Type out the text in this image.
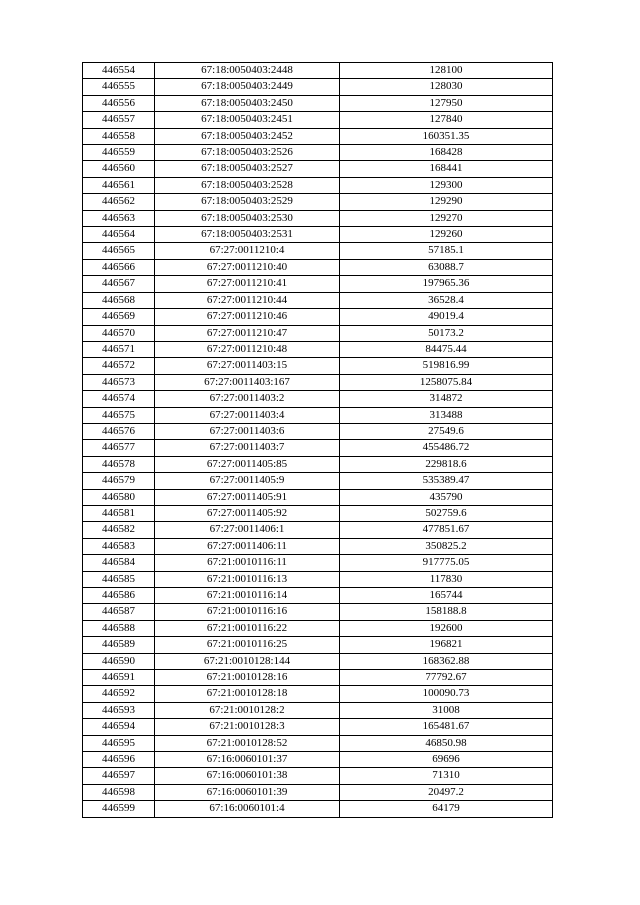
446554	67:18:0050403:2448	128100
446555	67:18:0050403:2449	128030
446556	67:18:0050403:2450	127950
446557	67:18:0050403:2451	127840
446558	67:18:0050403:2452	160351.35
446559	67:18:0050403:2526	168428
446560	67:18:0050403:2527	168441
446561	67:18:0050403:2528	129300
446562	67:18:0050403:2529	129290
446563	67:18:0050403:2530	129270
446564	67:18:0050403:2531	129260
446565	67:27:0011210:4	57185.1
446566	67:27:0011210:40	63088.7
446567	67:27:0011210:41	197965.36
446568	67:27:0011210:44	36528.4
446569	67:27:0011210:46	49019.4
446570	67:27:0011210:47	50173.2
446571	67:27:0011210:48	84475.44
446572	67:27:0011403:15	519816.99
446573	67:27:0011403:167	1258075.84
446574	67:27:0011403:2	314872
446575	67:27:0011403:4	313488
446576	67:27:0011403:6	27549.6
446577	67:27:0011403:7	455486.72
446578	67:27:0011405:85	229818.6
446579	67:27:0011405:9	535389.47
446580	67:27:0011405:91	435790
446581	67:27:0011405:92	502759.6
446582	67:27:0011406:1	477851.67
446583	67:27:0011406:11	350825.2
446584	67:21:0010116:11	917775.05
446585	67:21:0010116:13	117830
446586	67:21:0010116:14	165744
446587	67:21:0010116:16	158188.8
446588	67:21:0010116:22	192600
446589	67:21:0010116:25	196821
446590	67:21:0010128:144	168362.88
446591	67:21:0010128:16	77792.67
446592	67:21:0010128:18	100090.73
446593	67:21:0010128:2	31008
446594	67:21:0010128:3	165481.67
446595	67:21:0010128:52	46850.98
446596	67:16:0060101:37	69696
446597	67:16:0060101:38	71310
446598	67:16:0060101:39	20497.2
446599	67:16:0060101:4	64179
